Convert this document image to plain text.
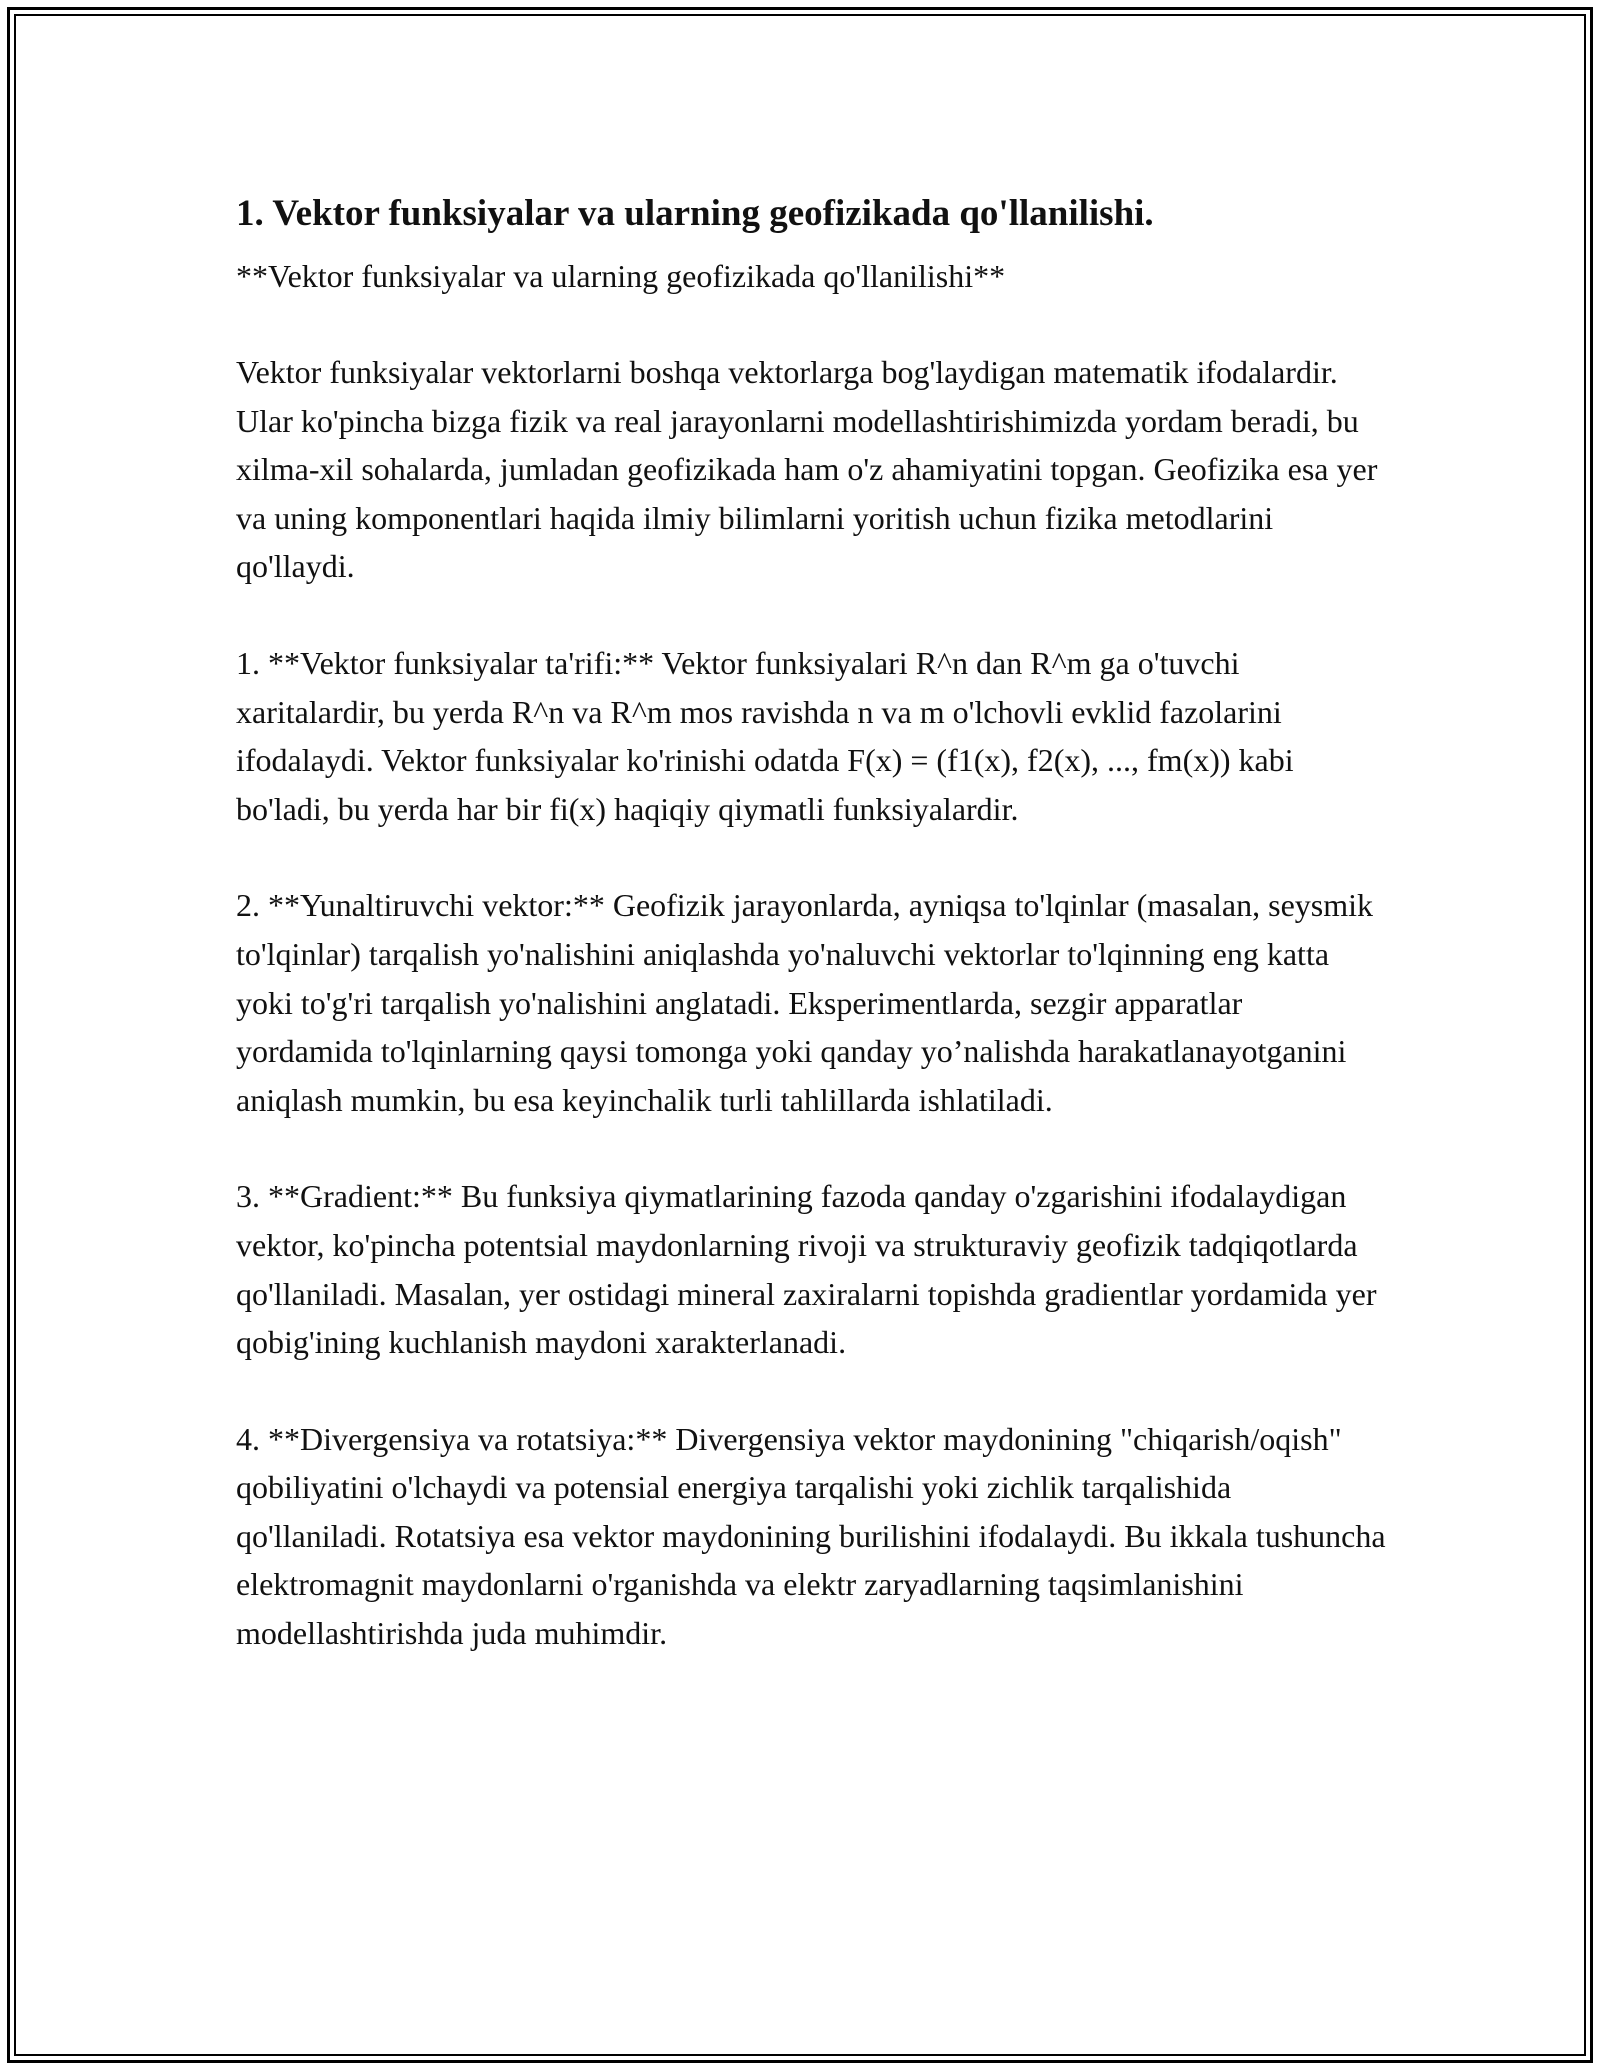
1. Vektor funksiyalar va ularning geofizikada qo'llanilishi.

**Vektor funksiyalar va ularning geofizikada qo'llanilishi**

Vektor funksiyalar vektorlarni boshqa vektorlarga bog'laydigan matematik ifodalardir. Ular ko'pincha bizga fizik va real jarayonlarni modellashtirishimizda yordam beradi, bu xilma-xil sohalarda, jumladan geofizikada ham o'z ahamiyatini topgan. Geofizika esa yer va uning komponentlari haqida ilmiy bilimlarni yoritish uchun fizika metodlarini qo'llaydi.

1. **Vektor funksiyalar ta'rifi:** Vektor funksiyalari R^n dan R^m ga o'tuvchi xaritalardir, bu yerda R^n va R^m mos ravishda n va m o'lchovli evklid fazolarini ifodalaydi. Vektor funksiyalar ko'rinishi odatda F(x) = (f1(x), f2(x), ..., fm(x)) kabi bo'ladi, bu yerda har bir fi(x) haqiqiy qiymatli funksiyalardir.

2. **Yunaltiruvchi vektor:** Geofizik jarayonlarda, ayniqsa to'lqinlar (masalan, seysmik to'lqinlar) tarqalish yo'nalishini aniqlashda yo'naluvchi vektorlar to'lqinning eng katta yoki to'g'ri tarqalish yo'nalishini anglatadi. Eksperimentlarda, sezgir apparatlar yordamida to'lqinlarning qaysi tomonga yoki qanday yo’nalishda harakatlanayotganini aniqlash mumkin, bu esa keyinchalik turli tahlillarda ishlatiladi.

3. **Gradient:** Bu funksiya qiymatlarining fazoda qanday o'zgarishini ifodalaydigan vektor, ko'pincha potentsial maydonlarning rivoji va strukturaviy geofizik tadqiqotlarda qo'llaniladi. Masalan, yer ostidagi mineral zaxiralarni topishda gradientlar yordamida yer qobig'ining kuchlanish maydoni xarakterlanadi.

4. **Divergensiya va rotatsiya:** Divergensiya vektor maydonining "chiqarish/oqish" qobiliyatini o'lchaydi va potensial energiya tarqalishi yoki zichlik tarqalishida qo'llaniladi. Rotatsiya esa vektor maydonining burilishini ifodalaydi. Bu ikkala tushuncha elektromagnit maydonlarni o'rganishda va elektr zaryadlarning taqsimlanishini modellashtirishda juda muhimdir.
